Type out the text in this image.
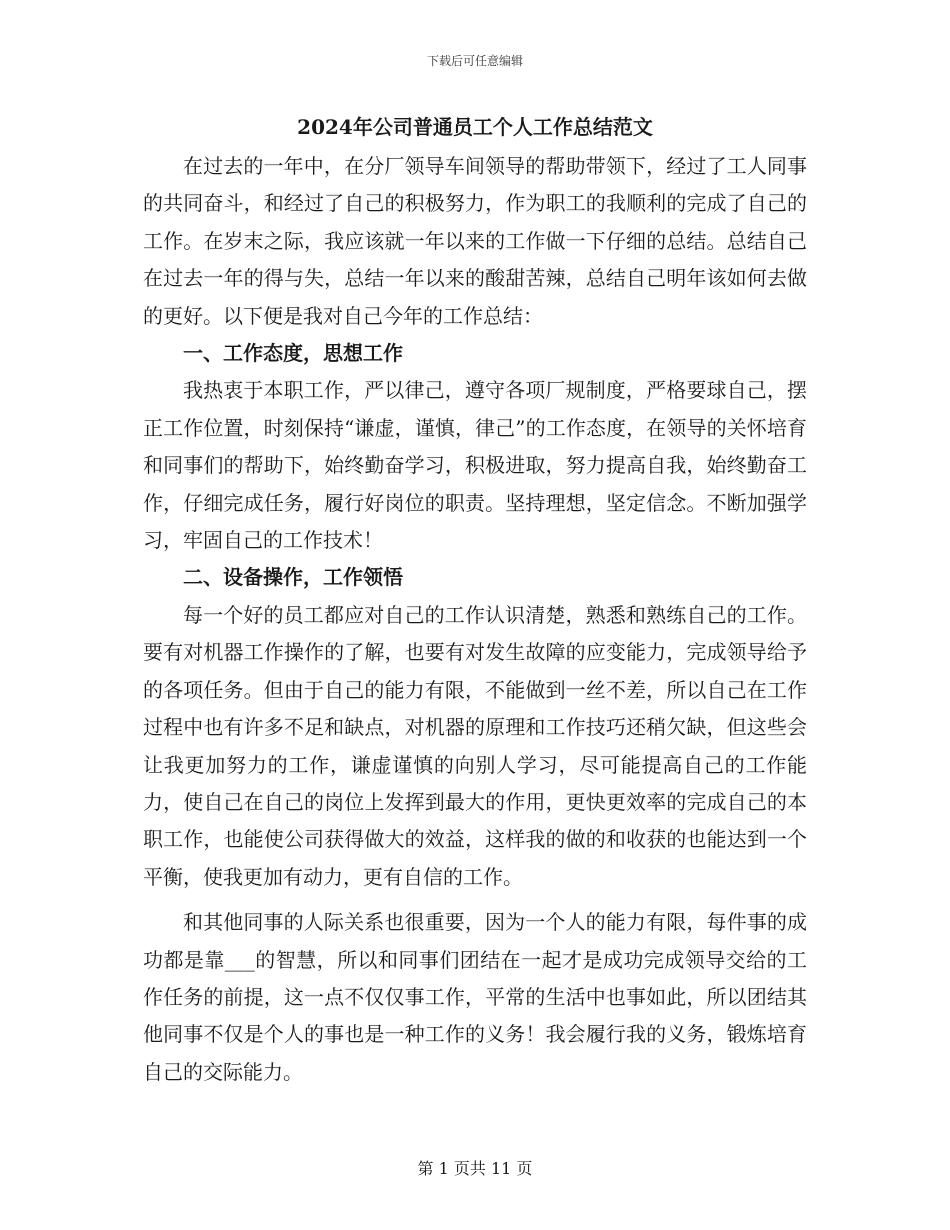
下载后可任意编辑
2024年公司普通员工个人工作总结范文

在过去的一年中，在分厂领导车间领导的帮助带领下，经过了工人同事的共同奋斗，和经过了自己的积极努力，作为职工的我顺利的完成了自己的工作。在岁末之际，我应该就一年以来的工作做一下仔细的总结。总结自己在过去一年的得与失，总结一年以来的酸甜苦辣，总结自己明年该如何去做的更好。以下便是我对自己今年的工作总结：

一、工作态度，思想工作

我热衷于本职工作，严以律己，遵守各项厂规制度，严格要球自己，摆正工作位置，时刻保持“谦虚，谨慎，律己”的工作态度，在领导的关怀培育和同事们的帮助下，始终勤奋学习，积极进取，努力提高自我，始终勤奋工作，仔细完成任务，履行好岗位的职责。坚持理想，坚定信念。不断加强学习，牢固自己的工作技术！

二、设备操作，工作领悟

每一个好的员工都应对自己的工作认识清楚，熟悉和熟练自己的工作。要有对机器工作操作的了解，也要有对发生故障的应变能力，完成领导给予的各项任务。但由于自己的能力有限，不能做到一丝不差，所以自己在工作过程中也有许多不足和缺点，对机器的原理和工作技巧还稍欠缺，但这些会让我更加努力的工作，谦虚谨慎的向别人学习，尽可能提高自己的工作能力，使自己在自己的岗位上发挥到最大的作用，更快更效率的完成自己的本职工作，也能使公司获得做大的效益，这样我的做的和收获的也能达到一个平衡，使我更加有动力，更有自信的工作。

和其他同事的人际关系也很重要，因为一个人的能力有限，每件事的成功都是靠___的智慧，所以和同事们团结在一起才是成功完成领导交给的工作任务的前提，这一点不仅仅事工作，平常的生活中也事如此，所以团结其他同事不仅是个人的事也是一种工作的义务！我会履行我的义务，锻炼培育自己的交际能力。

第 1 页共 11 页
